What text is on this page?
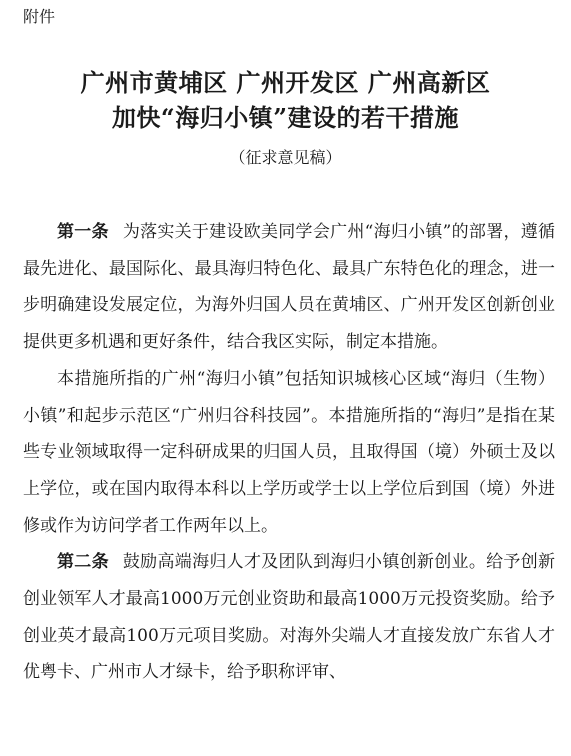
附件
广州市黄埔区 广州开发区 广州高新区
加快“海归小镇”建设的若干措施
（征求意见稿）

第一条 为落实关于建设欧美同学会广州“海归小镇”的部署，遵循最先进化、最国际化、最具海归特色化、最具广东特色化的理念，进一步明确建设发展定位，为海外归国人员在黄埔区、广州开发区创新创业提供更多机遇和更好条件，结合我区实际，制定本措施。

本措施所指的广州“海归小镇”包括知识城核心区域“海归（生物）小镇”和起步示范区“广州归谷科技园”。本措施所指的“海归”是指在某些专业领域取得一定科研成果的归国人员，且取得国（境）外硕士及以上学位，或在国内取得本科以上学历或学士以上学位后到国（境）外进修或作为访问学者工作两年以上。

第二条 鼓励高端海归人才及团队到海归小镇创新创业。给予创新创业领军人才最高1000万元创业资助和最高1000万元投资奖励。给予创业英才最高100万元项目奖励。对海外尖端人才直接发放广东省人才优粤卡、广州市人才绿卡，给予职称评审、
